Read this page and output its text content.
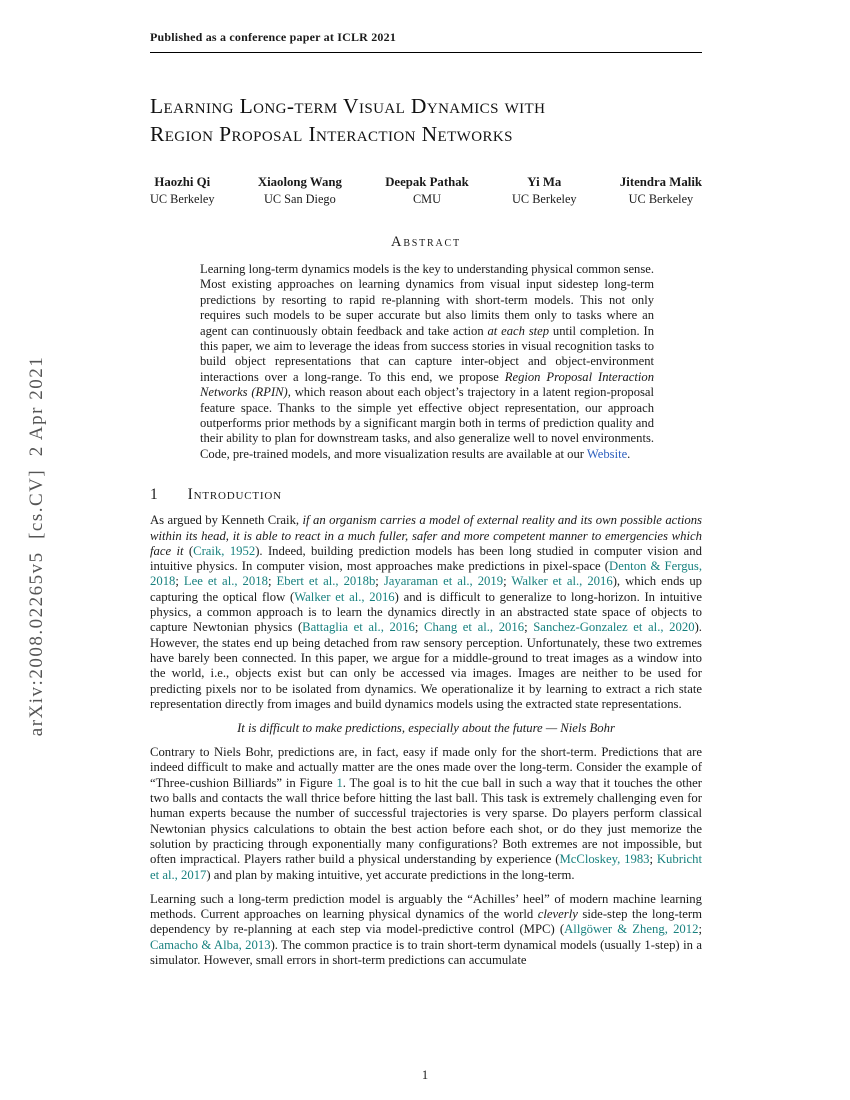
arXiv:2008.02265v5  [cs.CV]  2 Apr 2021
Published as a conference paper at ICLR 2021
Learning Long-term Visual Dynamics with
Region Proposal Interaction Networks
Haozhi Qi
UC Berkeley
Xiaolong Wang
UC San Diego
Deepak Pathak
CMU
Yi Ma
UC Berkeley
Jitendra Malik
UC Berkeley
Abstract
Learning long-term dynamics models is the key to understanding physical common sense. Most existing approaches on learning dynamics from visual input sidestep long-term predictions by resorting to rapid re-planning with short-term models. This not only requires such models to be super accurate but also limits them only to tasks where an agent can continuously obtain feedback and take action at each step until completion. In this paper, we aim to leverage the ideas from success stories in visual recognition tasks to build object representations that can capture inter-object and object-environment interactions over a long-range. To this end, we propose Region Proposal Interaction Networks (RPIN), which reason about each object’s trajectory in a latent region-proposal feature space. Thanks to the simple yet effective object representation, our approach outperforms prior methods by a significant margin both in terms of prediction quality and their ability to plan for downstream tasks, and also generalize well to novel environments. Code, pre-trained models, and more visualization results are available at our Website.
1 Introduction

As argued by Kenneth Craik, if an organism carries a model of external reality and its own possible actions within its head, it is able to react in a much fuller, safer and more competent manner to emergencies which face it (Craik, 1952). Indeed, building prediction models has been long studied in computer vision and intuitive physics. In computer vision, most approaches make predictions in pixel-space (Denton & Fergus, 2018; Lee et al., 2018; Ebert et al., 2018b; Jayaraman et al., 2019; Walker et al., 2016), which ends up capturing the optical flow (Walker et al., 2016) and is difficult to generalize to long-horizon. In intuitive physics, a common approach is to learn the dynamics directly in an abstracted state space of objects to capture Newtonian physics (Battaglia et al., 2016; Chang et al., 2016; Sanchez-Gonzalez et al., 2020). However, the states end up being detached from raw sensory perception. Unfortunately, these two extremes have barely been connected. In this paper, we argue for a middle-ground to treat images as a window into the world, i.e., objects exist but can only be accessed via images. Images are neither to be used for predicting pixels nor to be isolated from dynamics. We operationalize it by learning to extract a rich state representation directly from images and build dynamics models using the extracted state representations.

It is difficult to make predictions, especially about the future — Niels Bohr

Contrary to Niels Bohr, predictions are, in fact, easy if made only for the short-term. Predictions that are indeed difficult to make and actually matter are the ones made over the long-term. Consider the example of “Three-cushion Billiards” in Figure 1. The goal is to hit the cue ball in such a way that it touches the other two balls and contacts the wall thrice before hitting the last ball. This task is extremely challenging even for human experts because the number of successful trajectories is very sparse. Do players perform classical Newtonian physics calculations to obtain the best action before each shot, or do they just memorize the solution by practicing through exponentially many configurations? Both extremes are not impossible, but often impractical. Players rather build a physical understanding by experience (McCloskey, 1983; Kubricht et al., 2017) and plan by making intuitive, yet accurate predictions in the long-term.

Learning such a long-term prediction model is arguably the “Achilles’ heel” of modern machine learning methods. Current approaches on learning physical dynamics of the world cleverly side-step the long-term dependency by re-planning at each step via model-predictive control (MPC) (Allgöwer & Zheng, 2012; Camacho & Alba, 2013). The common practice is to train short-term dynamical models (usually 1-step) in a simulator. However, small errors in short-term predictions can accumulate

1
